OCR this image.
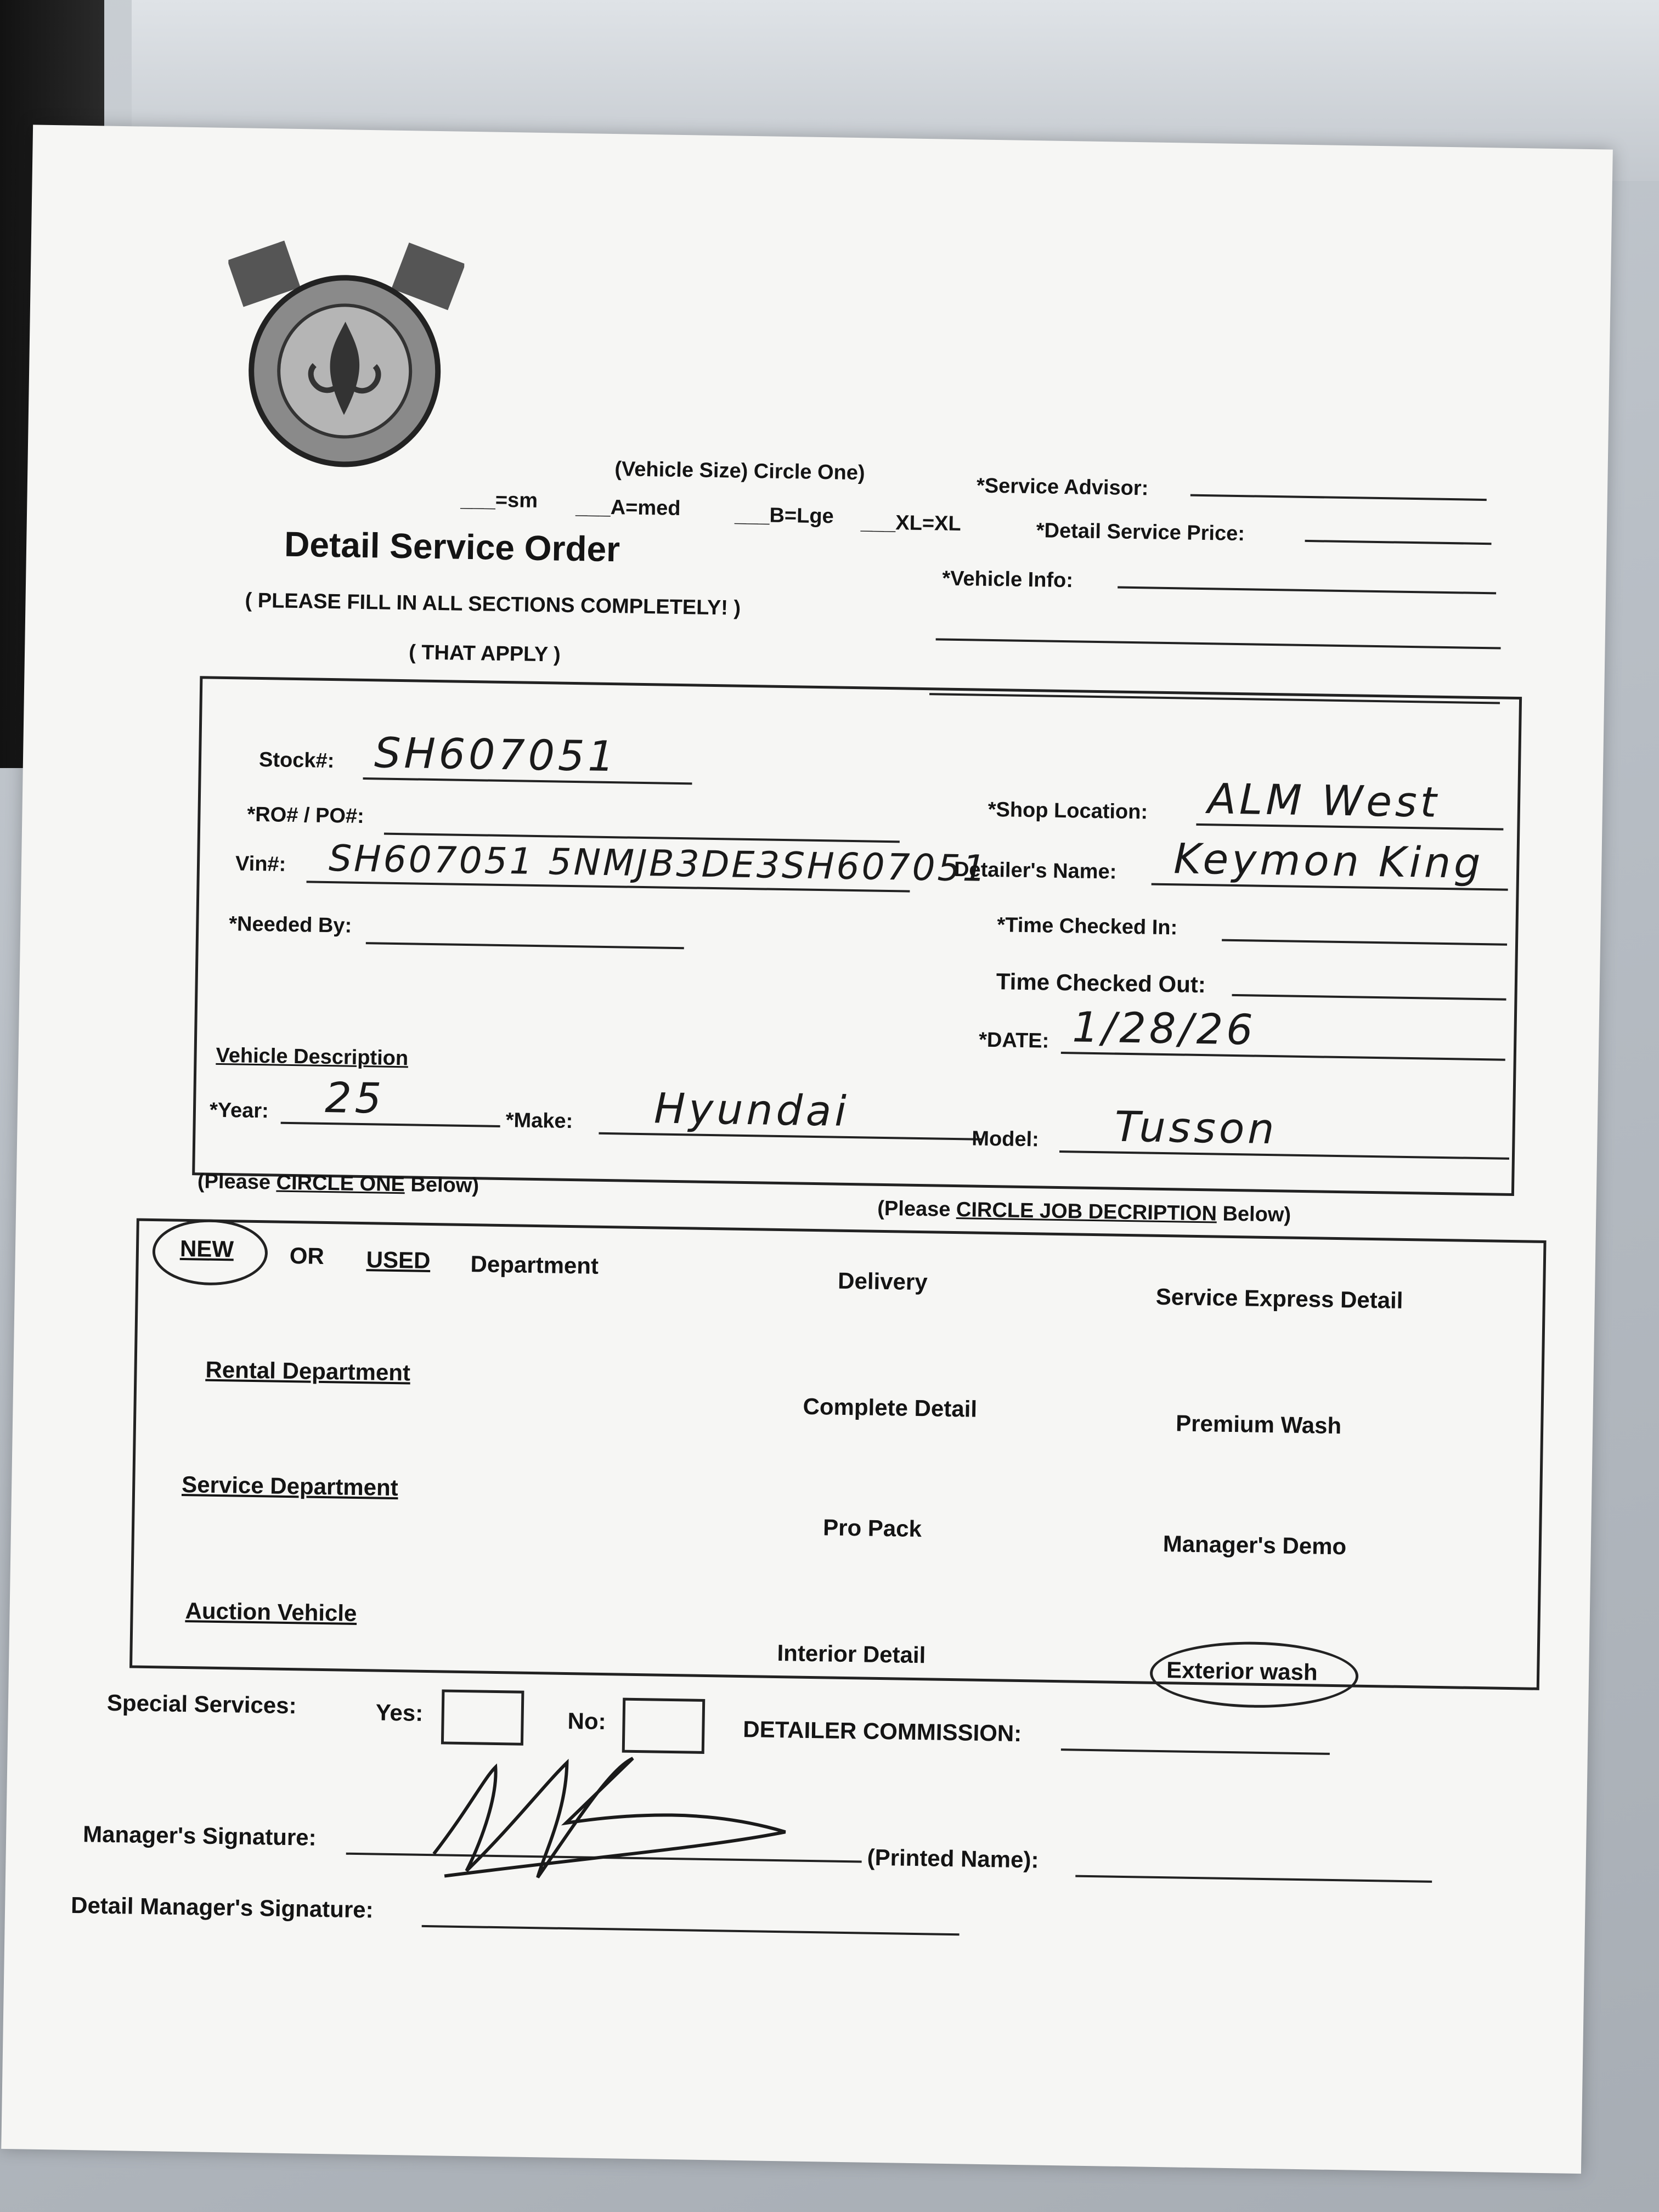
(Vehicle Size) Circle One)
___=sm ___A=med	___B=Lge ___XL=XL
Detail Service Order
( PLEASE FILL IN ALL SECTIONS COMPLETELY! )
( THAT APPLY )
*Service Advisor:
*Detail Service Price:
*Vehicle Info:
Stock#: SH607051
*RO# / PO#:
Vin#: SH607051 5NMJB3DE3SH607051
*Needed By:
*Shop Location: ALM West
Detailer's Name: Keymon King
*Time Checked In:
Time Checked Out:
*DATE: 1/28/26
Vehicle Description
*Year: 25	*Make: Hyundai
Model: Tusson
(Please CIRCLE ONE Below)
(Please CIRCLE JOB DECRIPTION Below)
NEW OR USED Department
Rental Department
Service Department
Auction Vehicle
Delivery
Service Express Detail
Complete Detail
Premium Wash
Pro Pack
Manager's Demo
Interior Detail
Exterior wash
Special Services:	Yes:	No:	DETAILER COMMISSION:
Manager's Signature:
(Printed Name):
Detail Manager's Signature:
